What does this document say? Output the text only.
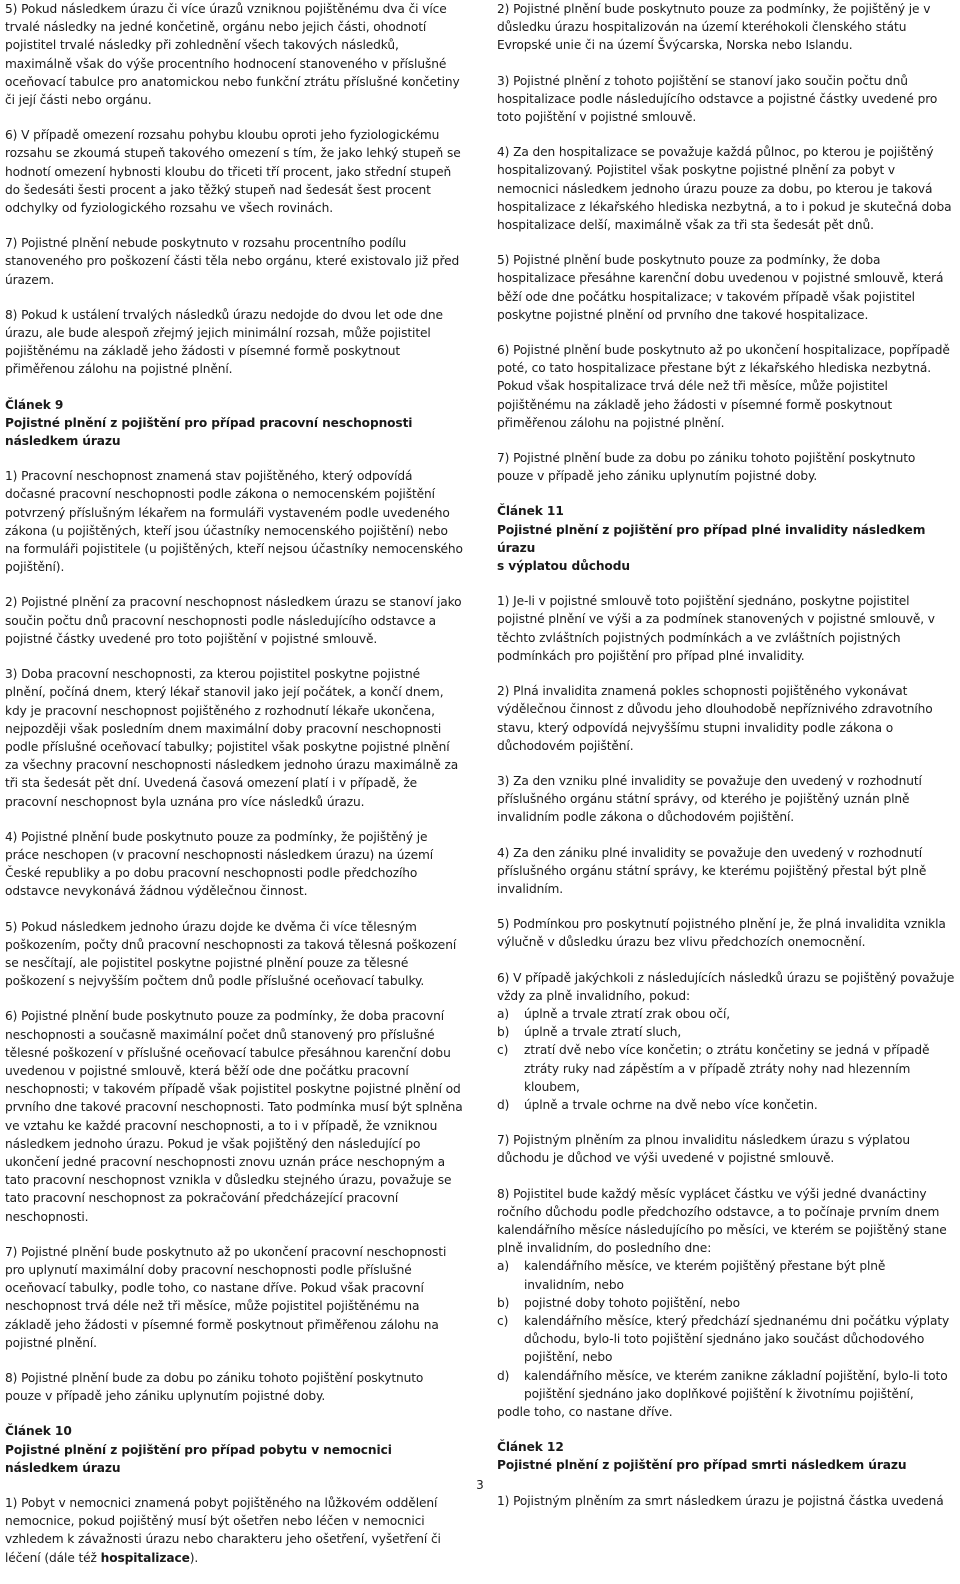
5) Pokud následkem úrazu či více úrazů vzniknou pojištěnému dva či více trvalé následky na jedné končetině, orgánu nebo jejich části, ohodnotí pojistitel trvalé následky při zohlednění všech takových následků, maximálně však do výše procentního hodnocení stanoveného v příslušné oceňovací tabulce pro anatomickou nebo funkční ztrátu příslušné končetiny či její části nebo orgánu.

6) V případě omezení rozsahu pohybu kloubu oproti jeho fyziologickému rozsahu se zkoumá stupeň takového omezení s tím, že jako lehký stupeň se hodnotí omezení hybnosti kloubu do třiceti tří procent, jako střední stupeň do šedesáti šesti procent a jako těžký stupeň nad šedesát šest procent odchylky od fyziologického rozsahu ve všech rovinách.

7) Pojistné plnění nebude poskytnuto v rozsahu procentního podílu stanoveného pro poškození části těla nebo orgánu, které existovalo již před úrazem.

8) Pokud k ustálení trvalých následků úrazu nedojde do dvou let ode dne úrazu, ale bude alespoň zřejmý jejich minimální rozsah, může pojistitel pojištěnému na základě jeho žádosti v písemné formě poskytnout přiměřenou zálohu na pojistné plnění.

Článek 9
Pojistné plnění z pojištění pro případ pracovní neschopnosti následkem úrazu

1) Pracovní neschopnost znamená stav pojištěného, který odpovídá dočasné pracovní neschopnosti podle zákona o nemocenském pojištění potvrzený příslušným lékařem na formuláři vystaveném podle uvedeného zákona (u pojištěných, kteří jsou účastníky nemocenského pojištění) nebo na formuláři pojistitele (u pojištěných, kteří nejsou účastníky nemocenského pojištění).

2) Pojistné plnění za pracovní neschopnost následkem úrazu se stanoví jako součin počtu dnů pracovní neschopnosti podle následujícího odstavce a pojistné částky uvedené pro toto pojištění v pojistné smlouvě.

3) Doba pracovní neschopnosti, za kterou pojistitel poskytne pojistné plnění, počíná dnem, který lékař stanovil jako její počátek, a končí dnem, kdy je pracovní neschopnost pojištěného z rozhodnutí lékaře ukončena, nejpozději však posledním dnem maximální doby pracovní neschopnosti podle příslušné oceňovací tabulky; pojistitel však poskytne pojistné plnění za všechny pracovní neschopnosti následkem jednoho úrazu maximálně za tři sta šedesát pět dní. Uvedená časová omezení platí i v případě, že pracovní neschopnost byla uznána pro více následků úrazu.

4) Pojistné plnění bude poskytnuto pouze za podmínky, že pojištěný je práce neschopen (v pracovní neschopnosti následkem úrazu) na území České republiky a po dobu pracovní neschopnosti podle předchozího odstavce nevykonává žádnou výdělečnou činnost.

5) Pokud následkem jednoho úrazu dojde ke dvěma či více tělesným poškozením, počty dnů pracovní neschopnosti za taková tělesná poškození se nesčítají, ale pojistitel poskytne pojistné plnění pouze za tělesné poškození s nejvyšším počtem dnů podle příslušné oceňovací tabulky.

6) Pojistné plnění bude poskytnuto pouze za podmínky, že doba pracovní neschopnosti a současně maximální počet dnů stanovený pro příslušné tělesné poškození v příslušné oceňovací tabulce přesáhnou karenční dobu uvedenou v pojistné smlouvě, která běží ode dne počátku pracovní neschopnosti; v takovém případě však pojistitel poskytne pojistné plnění od prvního dne takové pracovní neschopnosti. Tato podmínka musí být splněna ve vztahu ke každé pracovní neschopnosti, a to i v případě, že vzniknou následkem jednoho úrazu. Pokud je však pojištěný den následující po ukončení jedné pracovní neschopnosti znovu uznán práce neschopným a tato pracovní neschopnost vznikla v důsledku stejného úrazu, považuje se tato pracovní neschopnost za pokračování předcházející pracovní neschopnosti.

7) Pojistné plnění bude poskytnuto až po ukončení pracovní neschopnosti pro uplynutí maximální doby pracovní neschopnosti podle příslušné oceňovací tabulky, podle toho, co nastane dříve. Pokud však pracovní neschopnost trvá déle než tři měsíce, může pojistitel pojištěnému na základě jeho žádosti v písemné formě poskytnout přiměřenou zálohu na pojistné plnění.

8) Pojistné plnění bude za dobu po zániku tohoto pojištění poskytnuto pouze v případě jeho zániku uplynutím pojistné doby.

Článek 10
Pojistné plnění z pojištění pro případ pobytu v nemocnici následkem úrazu

1) Pobyt v nemocnici znamená pobyt pojištěného na lůžkovém oddělení nemocnice, pokud pojištěný musí být ošetřen nebo léčen v nemocnici vzhledem k závažnosti úrazu nebo charakteru jeho ošetření, vyšetření či léčení (dále též hospitalizace).

2) Pojistné plnění bude poskytnuto pouze za podmínky, že pojištěný je v důsledku úrazu hospitalizován na území kteréhokoli členského státu Evropské unie či na území Švýcarska, Norska nebo Islandu.

3) Pojistné plnění z tohoto pojištění se stanoví jako součin počtu dnů hospitalizace podle následujícího odstavce a pojistné částky uvedené pro toto pojištění v pojistné smlouvě.

4) Za den hospitalizace se považuje každá půlnoc, po kterou je pojištěný hospitalizovaný. Pojistitel však poskytne pojistné plnění za pobyt v nemocnici následkem jednoho úrazu pouze za dobu, po kterou je taková hospitalizace z lékařského hlediska nezbytná, a to i pokud je skutečná doba hospitalizace delší, maximálně však za tři sta šedesát pět dnů.

5) Pojistné plnění bude poskytnuto pouze za podmínky, že doba hospitalizace přesáhne karenční dobu uvedenou v pojistné smlouvě, která běží ode dne počátku hospitalizace; v takovém případě však pojistitel poskytne pojistné plnění od prvního dne takové hospitalizace.

6) Pojistné plnění bude poskytnuto až po ukončení hospitalizace, popřípadě poté, co tato hospitalizace přestane být z lékařského hlediska nezbytná. Pokud však hospitalizace trvá déle než tři měsíce, může pojistitel pojištěnému na základě jeho žádosti v písemné formě poskytnout přiměřenou zálohu na pojistné plnění.

7) Pojistné plnění bude za dobu po zániku tohoto pojištění poskytnuto pouze v případě jeho zániku uplynutím pojistné doby.

Článek 11
Pojistné plnění z pojištění pro případ plné invalidity následkem úrazu
s výplatou důchodu

1) Je-li v pojistné smlouvě toto pojištění sjednáno, poskytne pojistitel pojistné plnění ve výši a za podmínek stanovených v pojistné smlouvě, v těchto zvláštních pojistných podmínkách a ve zvláštních pojistných podmínkách pro pojištění pro případ plné invalidity.

2) Plná invalidita znamená pokles schopnosti pojištěného vykonávat výdělečnou činnost z důvodu jeho dlouhodobě nepříznivého zdravotního stavu, který odpovídá nejvyššímu stupni invalidity podle zákona o důchodovém pojištění.

3) Za den vzniku plné invalidity se považuje den uvedený v rozhodnutí příslušného orgánu státní správy, od kterého je pojištěný uznán plně invalidním podle zákona o důchodovém pojištění.

4) Za den zániku plné invalidity se považuje den uvedený v rozhodnutí příslušného orgánu státní správy, ke kterému pojištěný přestal být plně invalidním.

5) Podmínkou pro poskytnutí pojistného plnění je, že plná invalidita vznikla výlučně v důsledku úrazu bez vlivu předchozích onemocnění.

6) V případě jakýchkoli z následujících následků úrazu se pojištěný považuje vždy za plně invalidního, pokud:
a) úplně a trvale ztratí zrak obou očí,
b) úplně a trvale ztratí sluch,
c) ztratí dvě nebo více končetin; o ztrátu končetiny se jedná v případě ztráty ruky nad zápěstím a v případě ztráty nohy nad hlezenním kloubem,
d) úplně a trvale ochrne na dvě nebo více končetin.

7) Pojistným plněním za plnou invaliditu následkem úrazu s výplatou důchodu je důchod ve výši uvedené v pojistné smlouvě.

8) Pojistitel bude každý měsíc vyplácet částku ve výši jedné dvanáctiny ročního důchodu podle předchozího odstavce, a to počínaje prvním dnem kalendářního měsíce následujícího po měsíci, ve kterém se pojištěný stane plně invalidním, do posledního dne:
a) kalendářního měsíce, ve kterém pojištěný přestane být plně invalidním, nebo
b) pojistné doby tohoto pojištění, nebo
c) kalendářního měsíce, který předchází sjednanému dni počátku výplaty důchodu, bylo-li toto pojištění sjednáno jako součást důchodového pojištění, nebo
d) kalendářního měsíce, ve kterém zanikne základní pojištění, bylo-li toto pojištění sjednáno jako doplňkové pojištění k životnímu pojištění,
podle toho, co nastane dříve.
Článek 12
Pojistné plnění z pojištění pro případ smrti následkem úrazu

1) Pojistným plněním za smrt následkem úrazu je pojistná částka uvedená

3
